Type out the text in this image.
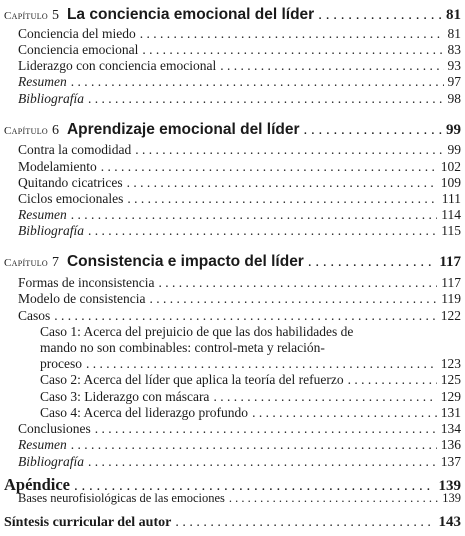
Capítulo 5 La conciencia emocional del líder . . .	81
Conciencia del miedo . . .	81
Conciencia emocional . . .	83
Liderazgo con conciencia emocional . . .	93
Resumen . . .	97
Bibliografía . . .	98
Capítulo 6 Aprendizaje emocional del líder . . .	99
Contra la comodidad . . .	99
Modelamiento . . .	102
Quitando cicatrices . . .	109
Ciclos emocionales . . .	111
Resumen . . .	114
Bibliografía . . .	115
Capítulo 7 Consistencia e impacto del líder . . .	117
Formas de inconsistencia . . .	117
Modelo de consistencia . . .	119
Casos . . .	122
Caso 1: Acerca del prejuicio de que las dos habilidades de
mando no son combinables: control-meta y relación-
proceso . . .	123
Caso 2: Acerca del líder que aplica la teoría del refuerzo . . .	125
Caso 3: Liderazgo con máscara . . .	129
Caso 4: Acerca del liderazgo profundo . . .	131
Conclusiones . . .	134
Resumen . . .	136
Bibliografía . . .	137
Apéndice . . .	139
Bases neurofisiológicas de las emociones . . .	139
Síntesis curricular del autor . . .	143
